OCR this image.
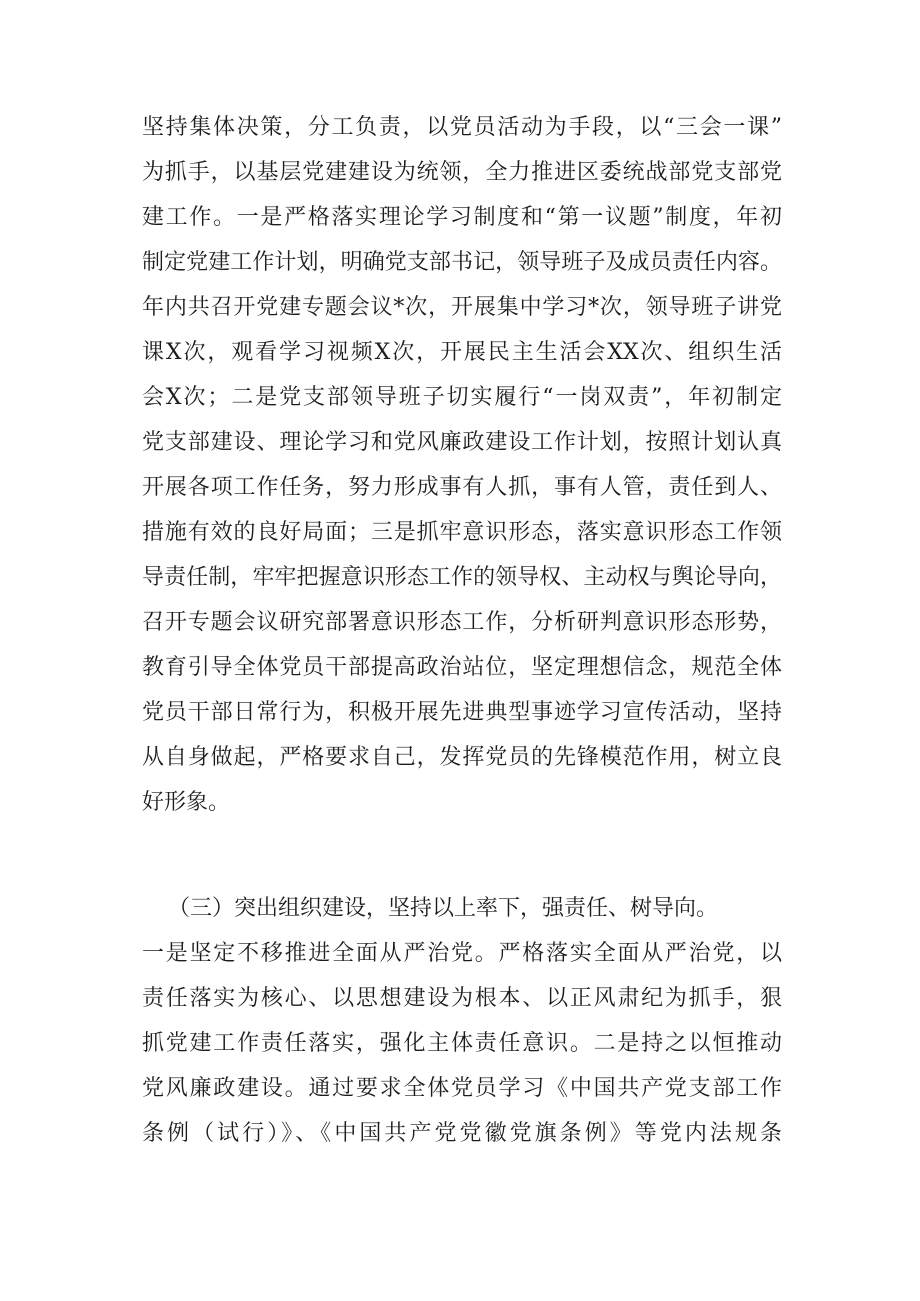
坚持集体决策，分工负责，以党员活动为手段，以“三会一课”
为抓手，以基层党建建设为统领，全力推进区委统战部党支部党
建工作。一是严格落实理论学习制度和“第一议题”制度，年初
制定党建工作计划，明确党支部书记，领导班子及成员责任内容。
年内共召开党建专题会议*次，开展集中学习*次，领导班子讲党
课X次，观看学习视频X次，开展民主生活会XX次、组织生活
会X次；二是党支部领导班子切实履行“一岗双责”，年初制定
党支部建设、理论学习和党风廉政建设工作计划，按照计划认真
开展各项工作任务，努力形成事有人抓，事有人管，责任到人、
措施有效的良好局面；三是抓牢意识形态，落实意识形态工作领
导责任制，牢牢把握意识形态工作的领导权、主动权与舆论导向，
召开专题会议研究部署意识形态工作，分析研判意识形态形势，
教育引导全体党员干部提高政治站位，坚定理想信念，规范全体
党员干部日常行为，积极开展先进典型事迹学习宣传活动，坚持
从自身做起，严格要求自己，发挥党员的先锋模范作用，树立良
好形象。
（三）突出组织建设，坚持以上率下，强责任、树导向。
一是坚定不移推进全面从严治党。严格落实全面从严治党，以
责任落实为核心、以思想建设为根本、以正风肃纪为抓手，狠
抓党建工作责任落实，强化主体责任意识。二是持之以恒推动
党风廉政建设。通过要求全体党员学习《中国共产党支部工作
条例（试行）》、《中国共产党党徽党旗条例》等党内法规条
